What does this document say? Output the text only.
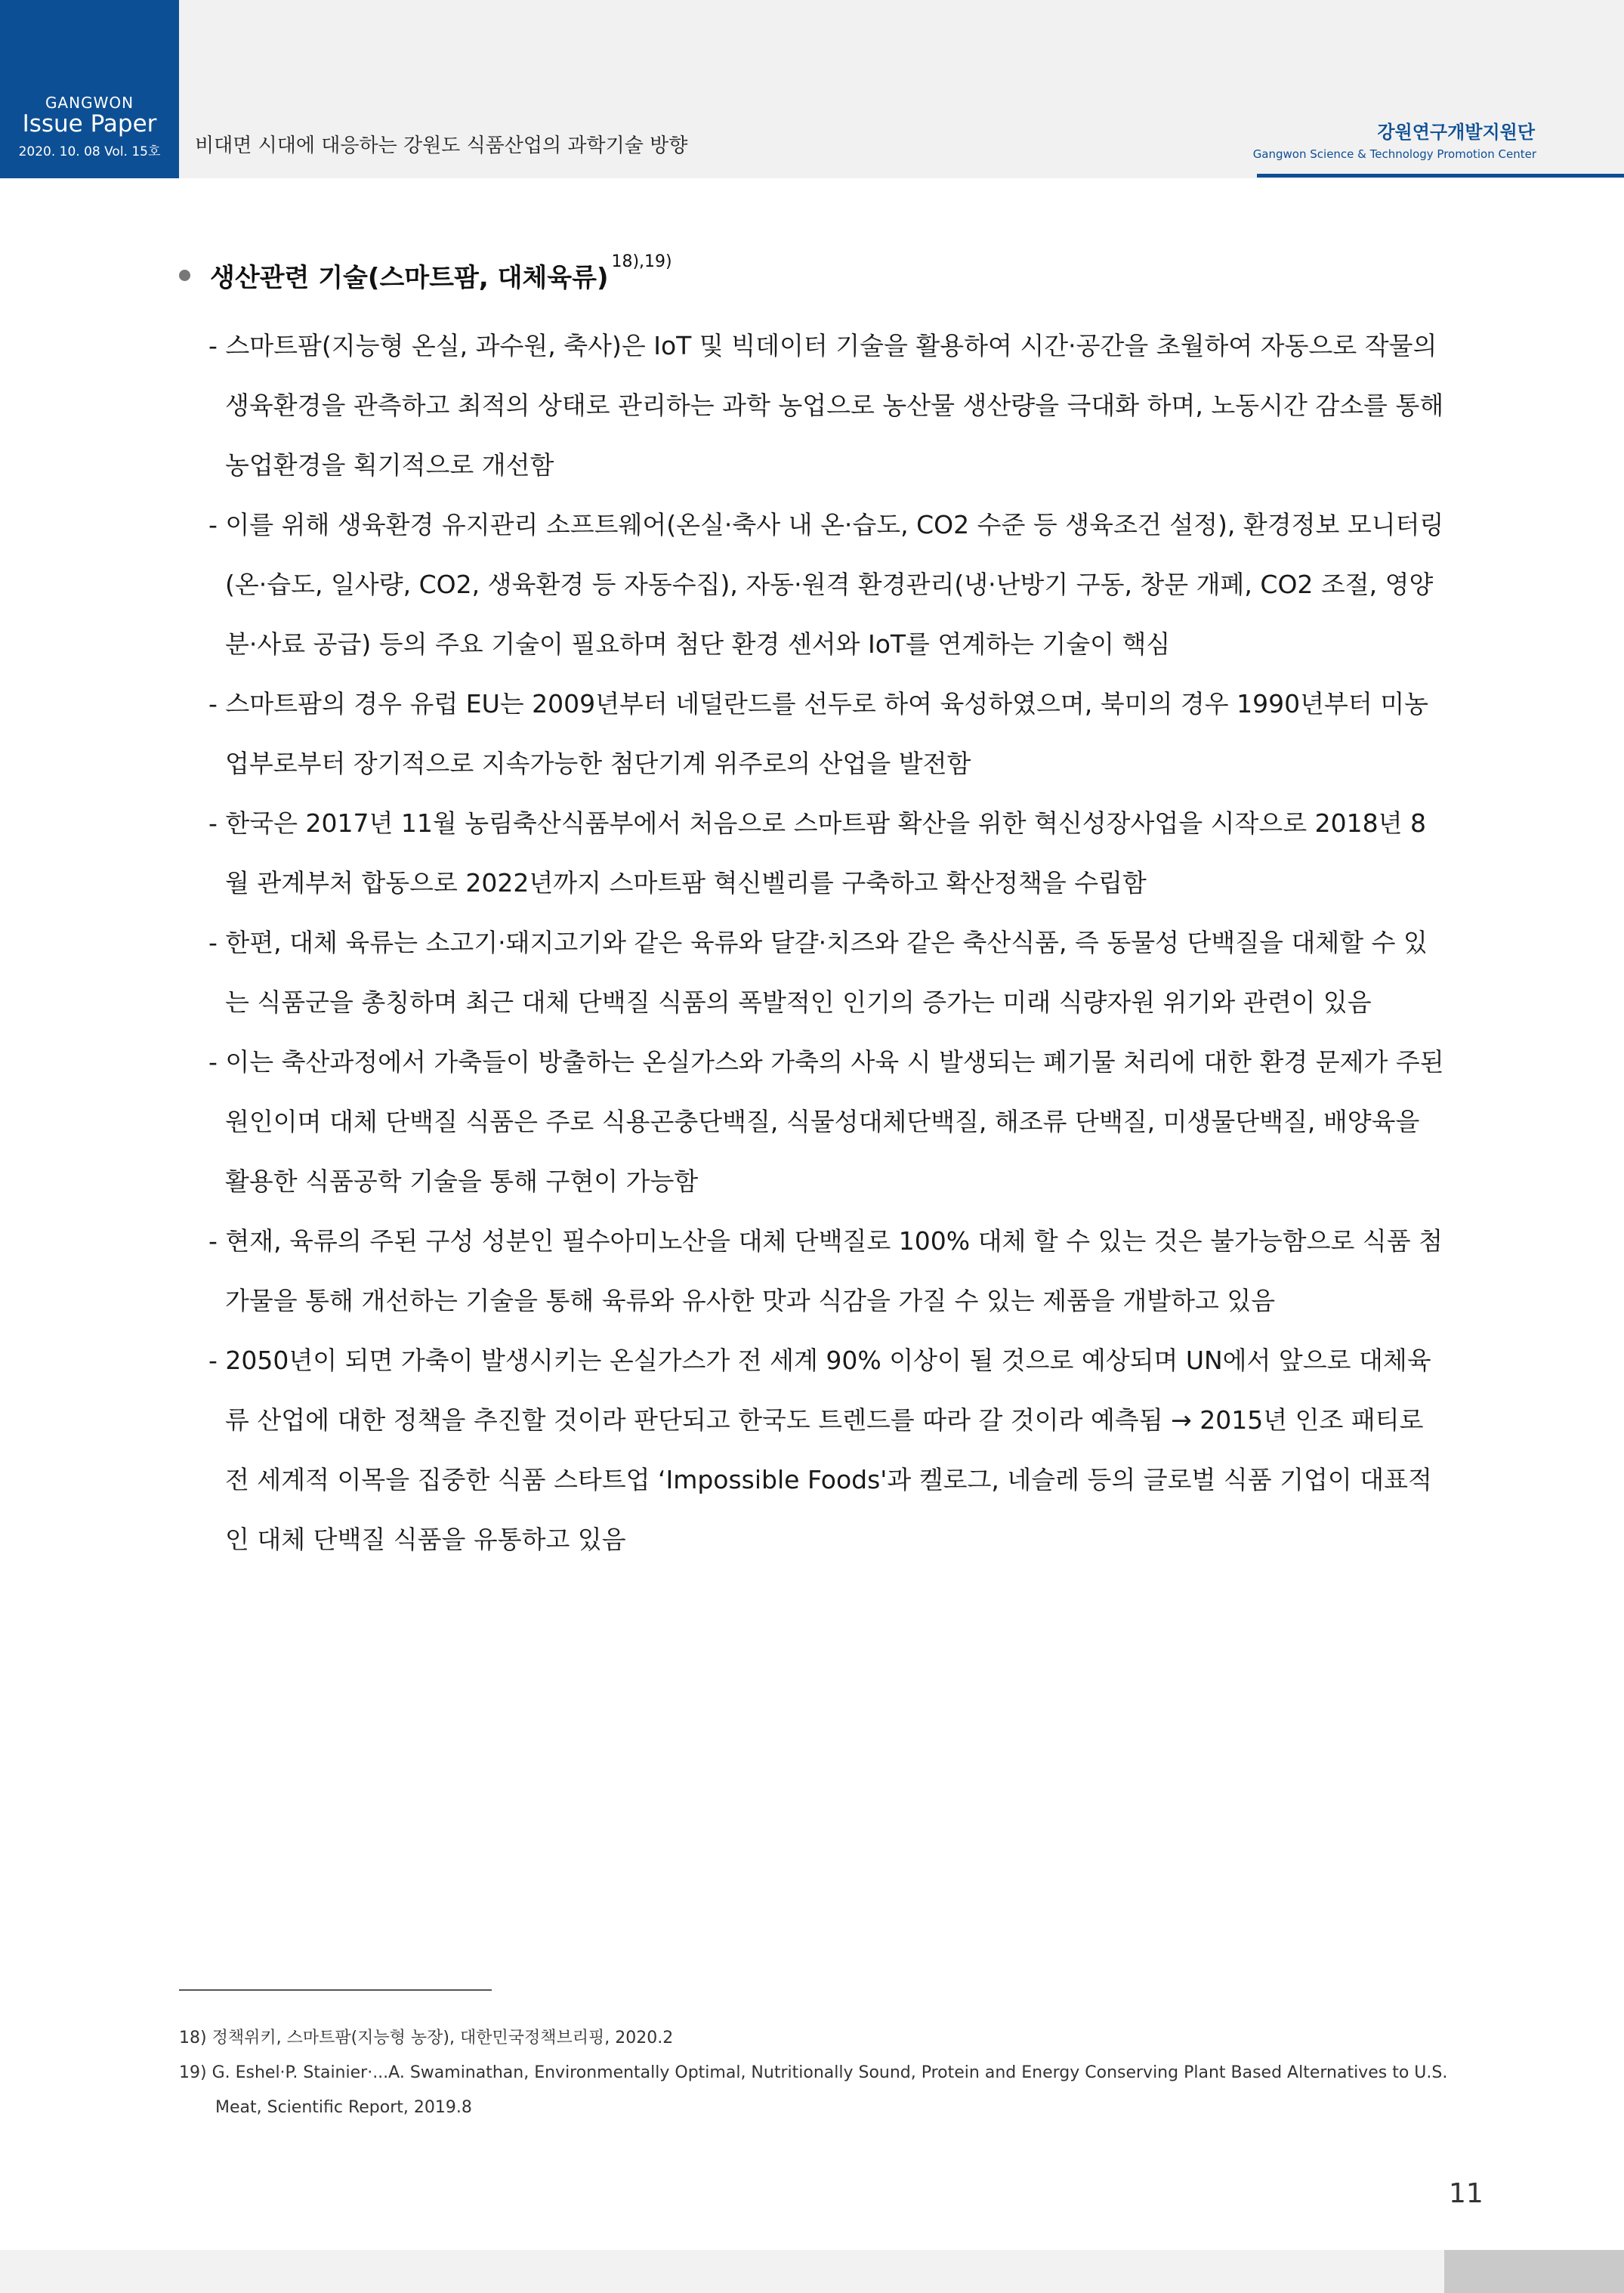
GANGWON
Issue Paper
2020. 10. 08 Vol. 15호	비대면 시대에 대응하는 강원도 식품산업의 과학기술 방향
강원연구개발지원단
Gangwon Science & Technology Promotion Center
생산관련 기술(스마트팜, 대체육류)
$^{18),19)}$

- 스마트팜(지능형 온실, 과수원, 축사)은 IoT 및 빅데이터 기술을 활용하여 시간·공간을 초월하여 자동으로 작물의 생육환경을 관측하고 최적의 상태로 관리하는 과학 농업으로 농산물 생산량을 극대화 하며, 노동시간 감소를 통해 농업환경을 획기적으로 개선함

- 이를 위해 생육환경 유지관리 소프트웨어(온실·축사 내 온·습도, CO2 수준 등 생육조건 설정), 환경정보 모니터링(온·습도, 일사량, CO2, 생육환경 등 자동수집), 자동·원격 환경관리(냉·난방기 구동, 창문 개폐, CO2 조절, 영양분·사료 공급) 등의 주요 기술이 필요하며 첨단 환경 센서와 IoT를 연계하는 기술이 핵심

- 스마트팜의 경우 유럽 EU는 2009년부터 네덜란드를 선두로 하여 육성하였으며, 북미의 경우 1990년부터 미농업부로부터 장기적으로 지속가능한 첨단기계 위주로의 산업을 발전함

- 한국은 2017년 11월 농림축산식품부에서 처음으로 스마트팜 확산을 위한 혁신성장사업을 시작으로 2018년 8월 관계부처 합동으로 2022년까지 스마트팜 혁신벨리를 구축하고 확산정책을 수립함

- 한편, 대체 육류는 소고기·돼지고기와 같은 육류와 달걀·치즈와 같은 축산식품, 즉 동물성 단백질을 대체할 수 있는 식품군을 총칭하며 최근 대체 단백질 식품의 폭발적인 인기의 증가는 미래 식량자원 위기와 관련이 있음

- 이는 축산과정에서 가축들이 방출하는 온실가스와 가축의 사육 시 발생되는 폐기물 처리에 대한 환경 문제가 주된 원인이며 대체 단백질 식품은 주로 식용곤충단백질, 식물성대체단백질, 해조류 단백질, 미생물단백질, 배양육을 활용한 식품공학 기술을 통해 구현이 가능함

- 현재, 육류의 주된 구성 성분인 필수아미노산을 대체 단백질로 100% 대체 할 수 있는 것은 불가능함으로 식품 첨가물을 통해 개선하는 기술을 통해 육류와 유사한 맛과 식감을 가질 수 있는 제품을 개발하고 있음

- 2050년이 되면 가축이 발생시키는 온실가스가 전 세계 90% 이상이 될 것으로 예상되며 UN에서 앞으로 대체육류 산업에 대한 정책을 추진할 것이라 판단되고 한국도 트렌드를 따라 갈 것이라 예측됨 → 2015년 인조 패티로 전 세계적 이목을 집중한 식품 스타트업 ‘Impossible Foods'과 켈로그, 네슬레 등의 글로벌 식품 기업이 대표적인 대체 단백질 식품을 유통하고 있음

18) 정책위키, 스마트팜(지능형 농장), 대한민국정책브리핑, 2020.2

19) G. Eshel·P. Stainier·...A. Swaminathan, Environmentally Optimal, Nutritionally Sound, Protein and Energy Conserving Plant Based Alternatives to U.S. Meat, Scientific Report, 2019.8

11
